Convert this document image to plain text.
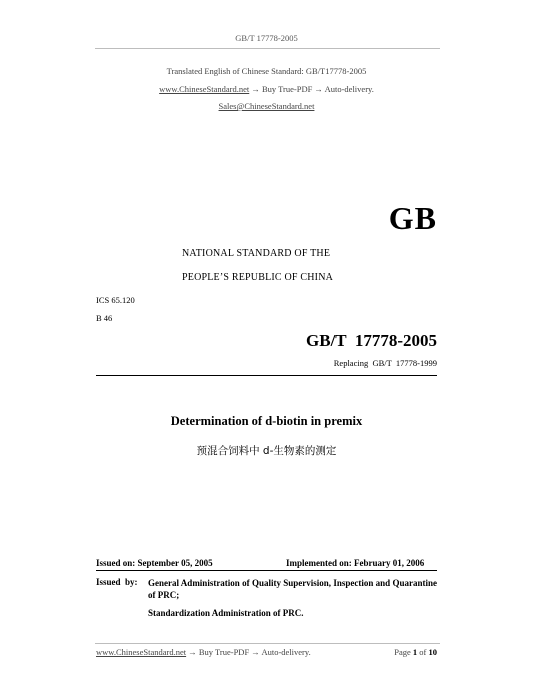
GB/T 17778-2005
Translated English of Chinese Standard: GB/T17778-2005
www.ChineseStandard.net → Buy True-PDF → Auto-delivery.
Sales@ChineseStandard.net
GB
NATIONAL STANDARD OF THE
PEOPLE’S REPUBLIC OF CHINA
ICS 65.120
B 46
GB/T  17778-2005
Replacing  GB/T  17778-1999
Determination of d-biotin in premix
预混合饲料中 d-生物素的测定
Issued on: September 05, 2005	Implemented on: February 01, 2006
Issued  by: General Administration of Quality Supervision, Inspection and Quarantine of PRC;
Standardization Administration of PRC.
www.ChineseStandard.net → Buy True-PDF → Auto-delivery.	Page 1 of 10
